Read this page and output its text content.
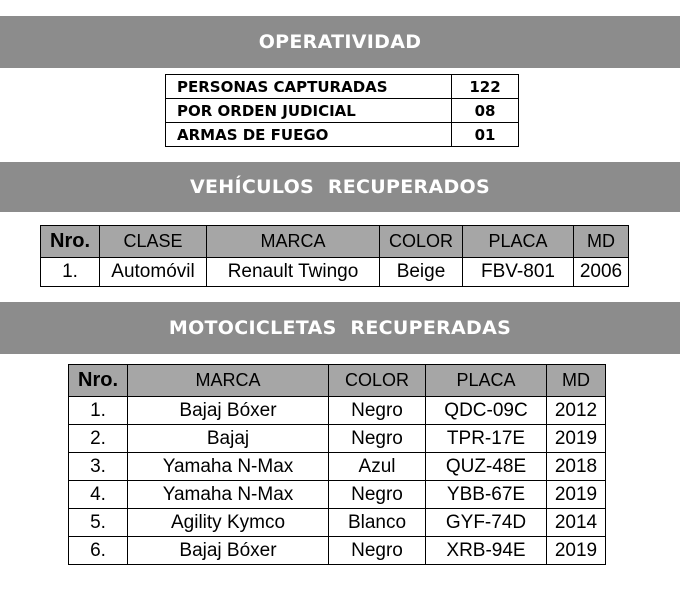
OPERATIVIDAD
PERSONAS CAPTURADAS	122
POR ORDEN JUDICIAL	08
ARMAS DE FUEGO	01
VEHÍCULOS  RECUPERADOS
Nro.	CLASE	MARCA	COLOR	PLACA	MD
1.	Automóvil	Renault Twingo	Beige	FBV-801	2006
MOTOCICLETAS  RECUPERADAS
Nro.	MARCA	COLOR	PLACA	MD
1.	Bajaj Bóxer	Negro	QDC-09C	2012
2.	Bajaj	Negro	TPR-17E	2019
3.	Yamaha N-Max	Azul	QUZ-48E	2018
4.	Yamaha N-Max	Negro	YBB-67E	2019
5.	Agility Kymco	Blanco	GYF-74D	2014
6.	Bajaj Bóxer	Negro	XRB-94E	2019
